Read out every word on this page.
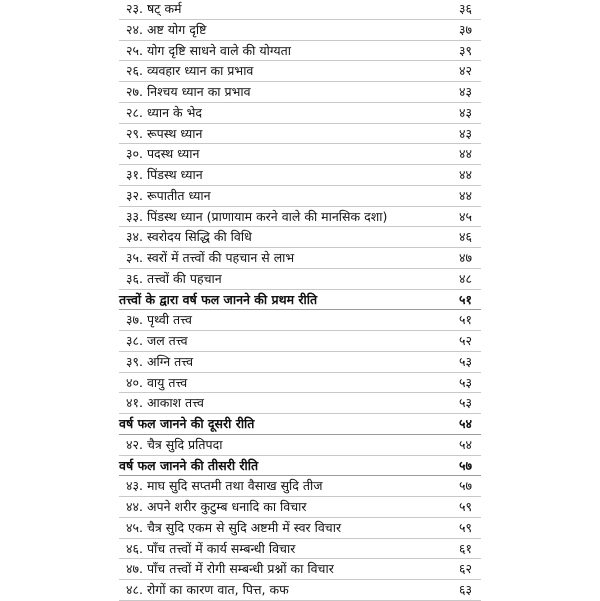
२३. षट् कर्म	३६
२४. अष्ट योग दृष्टि	३७
२५. योग दृष्टि साधने वाले की योग्यता	३९
२६. व्यवहार ध्यान का प्रभाव	४२
२७. निश्चय ध्यान का प्रभाव	४३
२८. ध्यान के भेद	४३
२९. रूपस्थ ध्यान	४३
३०. पदस्थ ध्यान	४४
३१. पिंडस्थ ध्यान	४४
३२. रूपातीत ध्यान	४४
३३. पिंडस्थ ध्यान (प्राणायाम करने वाले की मानसिक दशा)	४५
३४. स्वरोदय सिद्धि की विधि	४६
३५. स्वरों में तत्त्वों की पहचान से लाभ	४७
३६. तत्त्वों की पहचान	४८
तत्त्वों के द्वारा वर्ष फल जानने की प्रथम रीति	५१
३७. पृथ्वी तत्त्व	५१
३८. जल तत्त्व	५२
३९. अग्नि तत्त्व	५३
४०. वायु तत्त्व	५३
४१. आकाश तत्त्व	५३
वर्ष फल जानने की दूसरी रीति	५४
४२. चैत्र सुदि प्रतिपदा	५४
वर्ष फल जानने की तीसरी रीति	५७
४३. माघ सुदि सप्तमी तथा वैसाख सुदि तीज	५७
४४. अपने शरीर कुटुम्ब धनादि का विचार	५९
४५. चैत्र सुदि एकम से सुदि अष्टमी में स्वर विचार	५९
४६. पाँच तत्त्वों में कार्य सम्बन्धी विचार	६१
४७. पाँच तत्त्वों में रोगी सम्बन्धी प्रश्नों का विचार	६२
४८. रोगों का कारण वात, पित्त, कफ	६३
